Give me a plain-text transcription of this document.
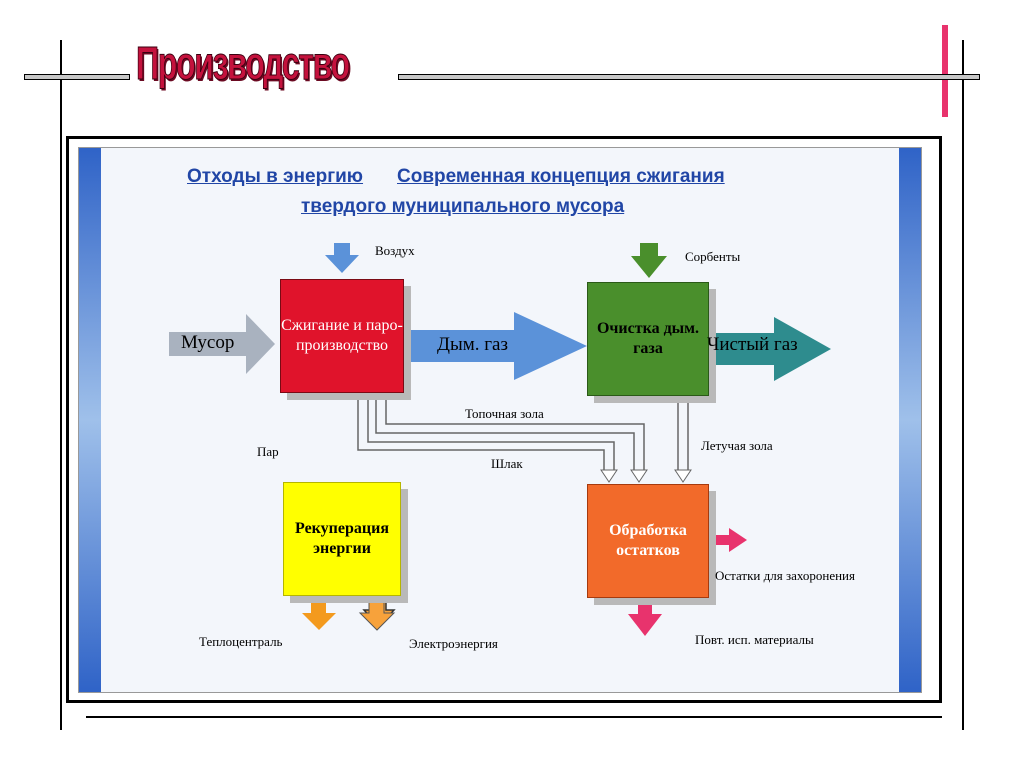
Производство
Отходы в энергию Современная концепция сжигания
твердого муниципального мусора
Сжигание и паро- производство
Очистка дым. газа
Рекуперация энергии
Обработка остатков
Мусор	Дым. газ	Чистый газ
Воздух	Сорбенты
Топочная зола
Летучая зола
Пар
Шлак
Теплоцентраль	Электроэнергия
Остатки для захоронения
Повт. исп. материалы
